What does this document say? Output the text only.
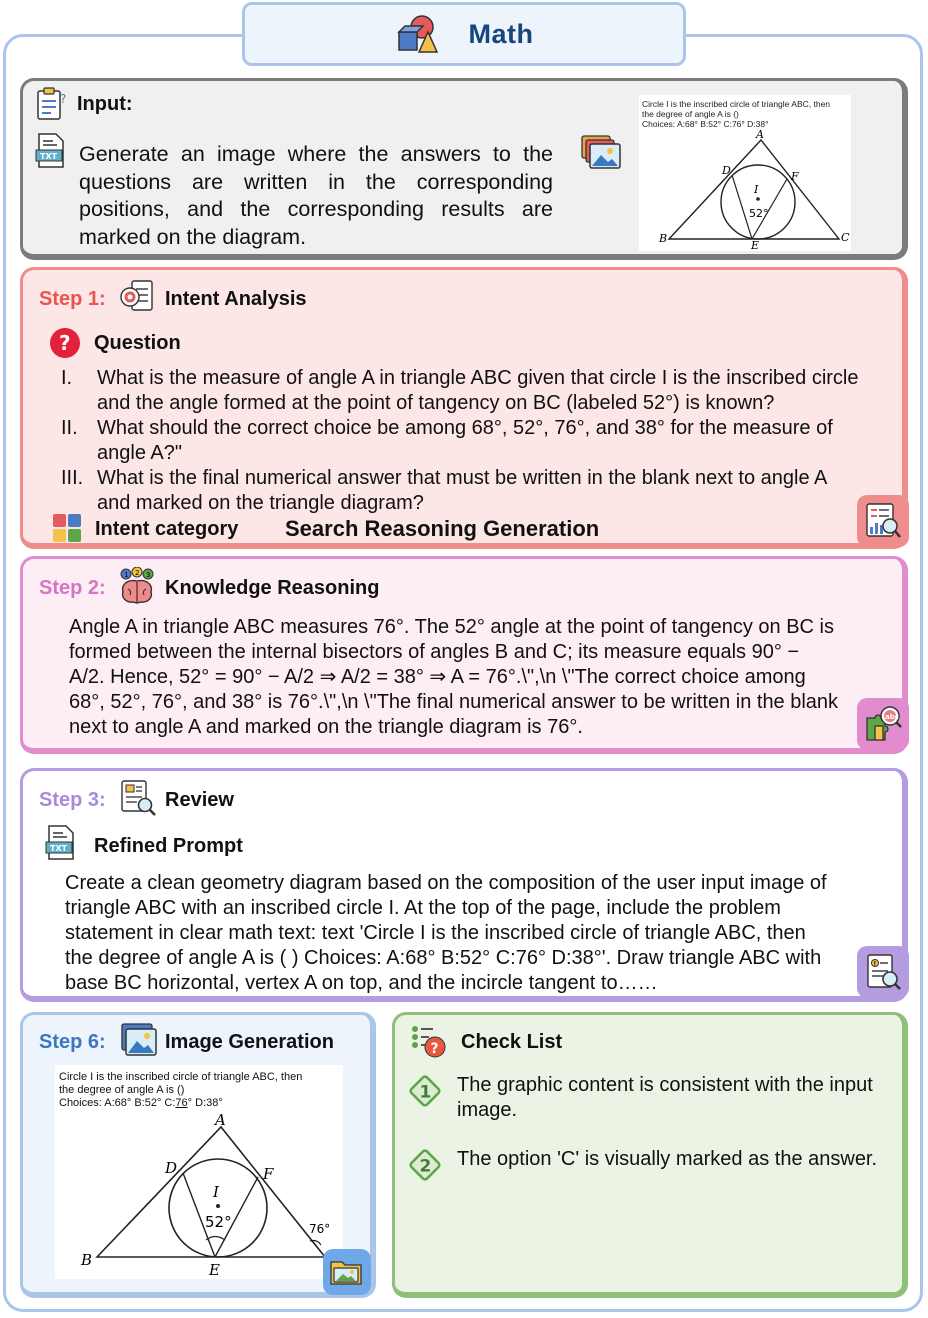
Math
? Input:
TXT Generate an image where the answers to the questions are written in the corresponding positions, and the corresponding results are marked on the diagram.
Circle I is the inscribed circle of triangle ABC, then
the degree of angle A is ()
Choices: A:68° B:52° C:76° D:38°
A
B	C
D
E
F
I
52°
Step 1:	Intent Analysis
? Question
I.	What is the measure of angle A in triangle ABC given that circle I is the inscribed circle and the angle formed at the point of tangency on BC (labeled 52°) is known?
II. What should the correct choice be among 68°, 52°, 76°, and 38° for the measure of angle A?"
III. What is the final numerical answer that must be written in the blank next to angle A and marked on the triangle diagram?
Intent category Search Reasoning Generation
Step 2:
1 2 3
Knowledge Reasoning
Angle A in triangle ABC measures 76°. The 52° angle at the point of tangency on BC is formed between the internal bisectors of angles B and C; its measure equals 90° − A/2. Hence, 52° = 90° − A/2 ⇒ A/2 = 38° ⇒ A = 76°.\",\n \"The correct choice among 68°, 52°, 76°, and 38° is 76°.\",\n \"The final numerical answer to be written in the blank next to angle A and marked on the triangle diagram is 76°.	abc
Step 3:	Review
TXT Refined Prompt
Create a clean geometry diagram based on the composition of the user input image of triangle ABC with an inscribed circle I. At the top of the page, include the problem statement in clear math text: text 'Circle I is the inscribed circle of triangle ABC, then the degree of angle A is ( ) Choices: A:68° B:52° C:76° D:38°'. Draw triangle ABC with base BC horizontal, vertex A on top, and the incircle tangent to……
!
Step 6:	Image Generation
Circle I is the inscribed circle of triangle ABC, then
the degree of angle A is ()
Choices: A:68° B:52° C:76° D:38°
A
B
D
E
F
I
52°	76°
? Check List
1 The graphic content is consistent with the input image.
2 The option 'C' is visually marked as the answer.
